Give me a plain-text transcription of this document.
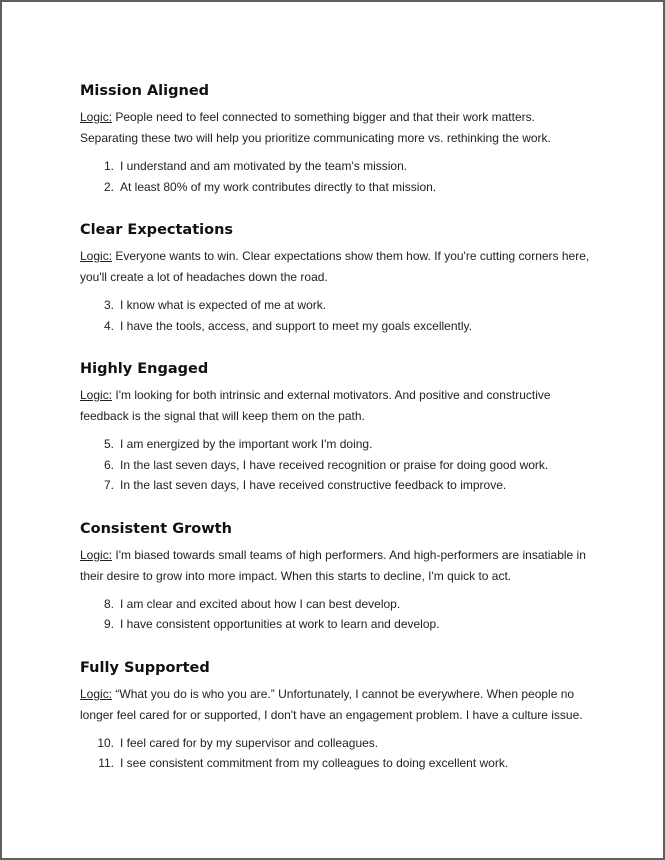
Mission Aligned
Logic: People need to feel connected to something bigger and that their work matters. Separating these two will help you prioritize communicating more vs. rethinking the work.
1. I understand and am motivated by the team's mission.
2. At least 80% of my work contributes directly to that mission.
Clear Expectations
Logic: Everyone wants to win. Clear expectations show them how. If you're cutting corners here, you'll create a lot of headaches down the road.
3. I know what is expected of me at work.
4. I have the tools, access, and support to meet my goals excellently.
Highly Engaged
Logic: I'm looking for both intrinsic and external motivators. And positive and constructive feedback is the signal that will keep them on the path.
5. I am energized by the important work I'm doing.
6. In the last seven days, I have received recognition or praise for doing good work.
7. In the last seven days, I have received constructive feedback to improve.
Consistent Growth
Logic: I'm biased towards small teams of high performers. And high-performers are insatiable in their desire to grow into more impact. When this starts to decline, I'm quick to act.
8. I am clear and excited about how I can best develop.
9. I have consistent opportunities at work to learn and develop.
Fully Supported
Logic: “What you do is who you are.” Unfortunately, I cannot be everywhere. When people no longer feel cared for or supported, I don't have an engagement problem. I have a culture issue.
10. I feel cared for by my supervisor and colleagues.
11. I see consistent commitment from my colleagues to doing excellent work.
